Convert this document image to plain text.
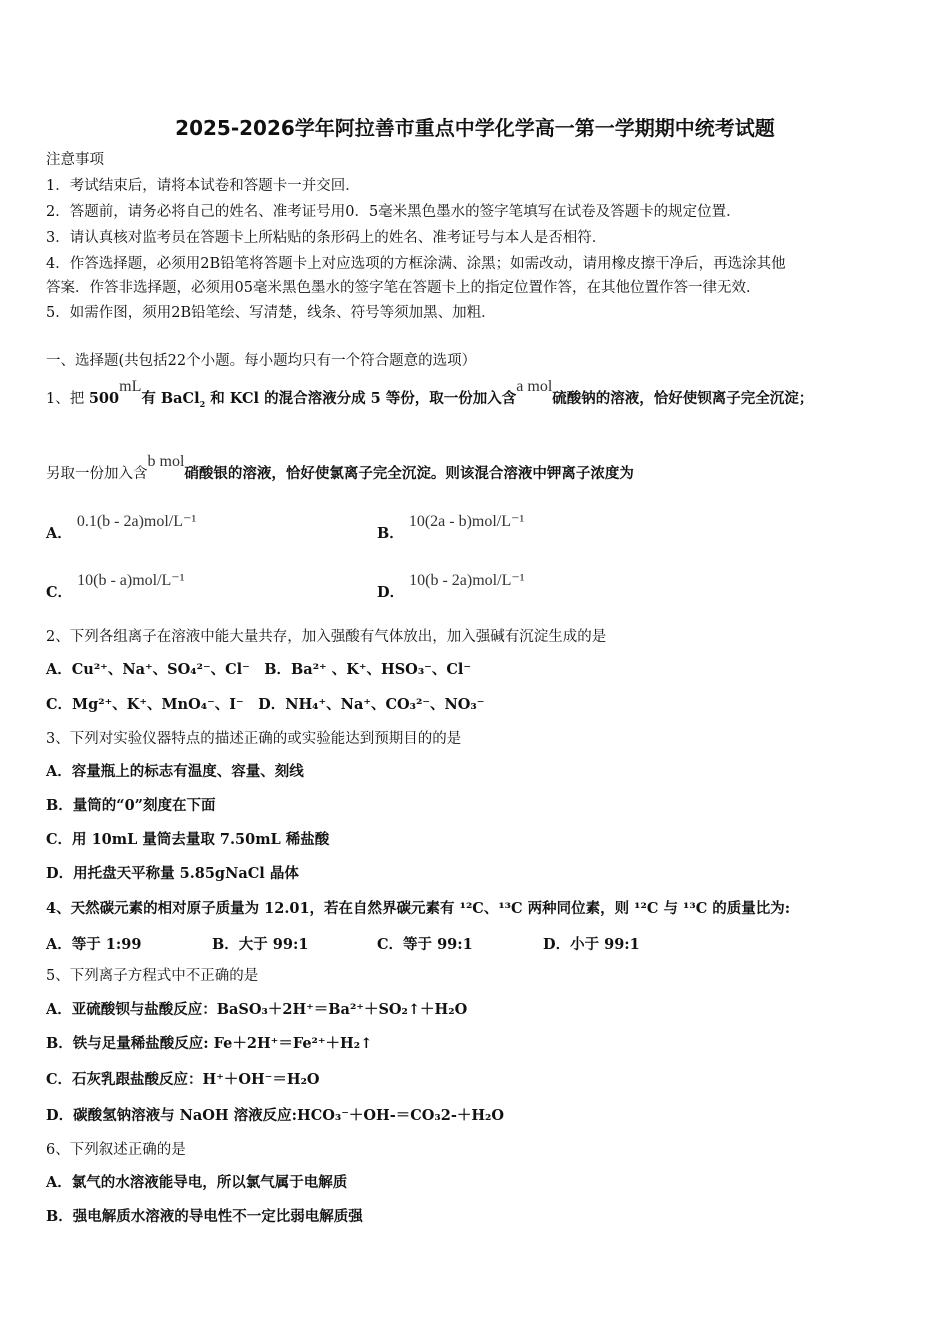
2025-2026学年阿拉善市重点中学化学高一第一学期期中统考试题
注意事项
1．考试结束后，请将本试卷和答题卡一并交回．
2．答题前，请务必将自己的姓名、准考证号用0．5毫米黑色墨水的签字笔填写在试卷及答题卡的规定位置．
3．请认真核对监考员在答题卡上所粘贴的条形码上的姓名、准考证号与本人是否相符．
4．作答选择题，必须用2B铅笔将答题卡上对应选项的方框涂满、涂黑；如需改动，请用橡皮擦干净后，再选涂其他
答案．作答非选择题，必须用05毫米黑色墨水的签字笔在答题卡上的指定位置作答，在其他位置作答一律无效．
5．如需作图，须用2B铅笔绘、写清楚，线条、符号等须加黑、加粗．
一、选择题(共包括22个小题。每小题均只有一个符合题意的选项）
1、把 500mL有 BaCl$_2$ 和 KCl 的混合溶液分成 5 等份，取一份加入含a mol硫酸钠的溶液，恰好使钡离子完全沉淀；
另取一份加入含b mol硝酸银的溶液，恰好使氯离子完全沉淀。则该混合溶液中钾离子浓度为
A． 0.1(b - 2a)mol/L⁻¹
B． 10(2a - b)mol/L⁻¹
C． 10(b - a)mol/L⁻¹
D． 10(b - 2a)mol/L⁻¹
2、下列各组离子在溶液中能大量共存，加入强酸有气体放出，加入强碱有沉淀生成的是
A．Cu²⁺、Na⁺、SO₄²⁻、Cl⁻　B．Ba²⁺ 、K⁺、HSO₃⁻、Cl⁻
C．Mg²⁺、K⁺、MnO₄⁻、I⁻　D．NH₄⁺、Na⁺、CO₃²⁻、NO₃⁻
3、下列对实验仪器特点的描述正确的或实验能达到预期目的的是
A．容量瓶上的标志有温度、容量、刻线
B．量筒的“0”刻度在下面
C．用 10mL 量筒去量取 7.50mL 稀盐酸
D．用托盘天平称量 5.85gNaCl 晶体
4、天然碳元素的相对原子质量为 12.01，若在自然界碳元素有 ¹²C、¹³C 两种同位素，则 ¹²C 与 ¹³C 的质量比为:
A．等于 1:99	B．大于 99:1	C．等于 99:1	D．小于 99:1
5、下列离子方程式中不正确的是
A．亚硫酸钡与盐酸反应：BaSO₃＋2H⁺＝Ba²⁺＋SO₂↑＋H₂O
B．铁与足量稀盐酸反应: Fe＋2H⁺＝Fe²⁺＋H₂↑
C．石灰乳跟盐酸反应：H⁺＋OH⁻＝H₂O
D．碳酸氢钠溶液与 NaOH 溶液反应:HCO₃⁻＋OH-＝CO₃2-＋H₂O
6、下列叙述正确的是
A．氯气的水溶液能导电，所以氯气属于电解质
B．强电解质水溶液的导电性不一定比弱电解质强
